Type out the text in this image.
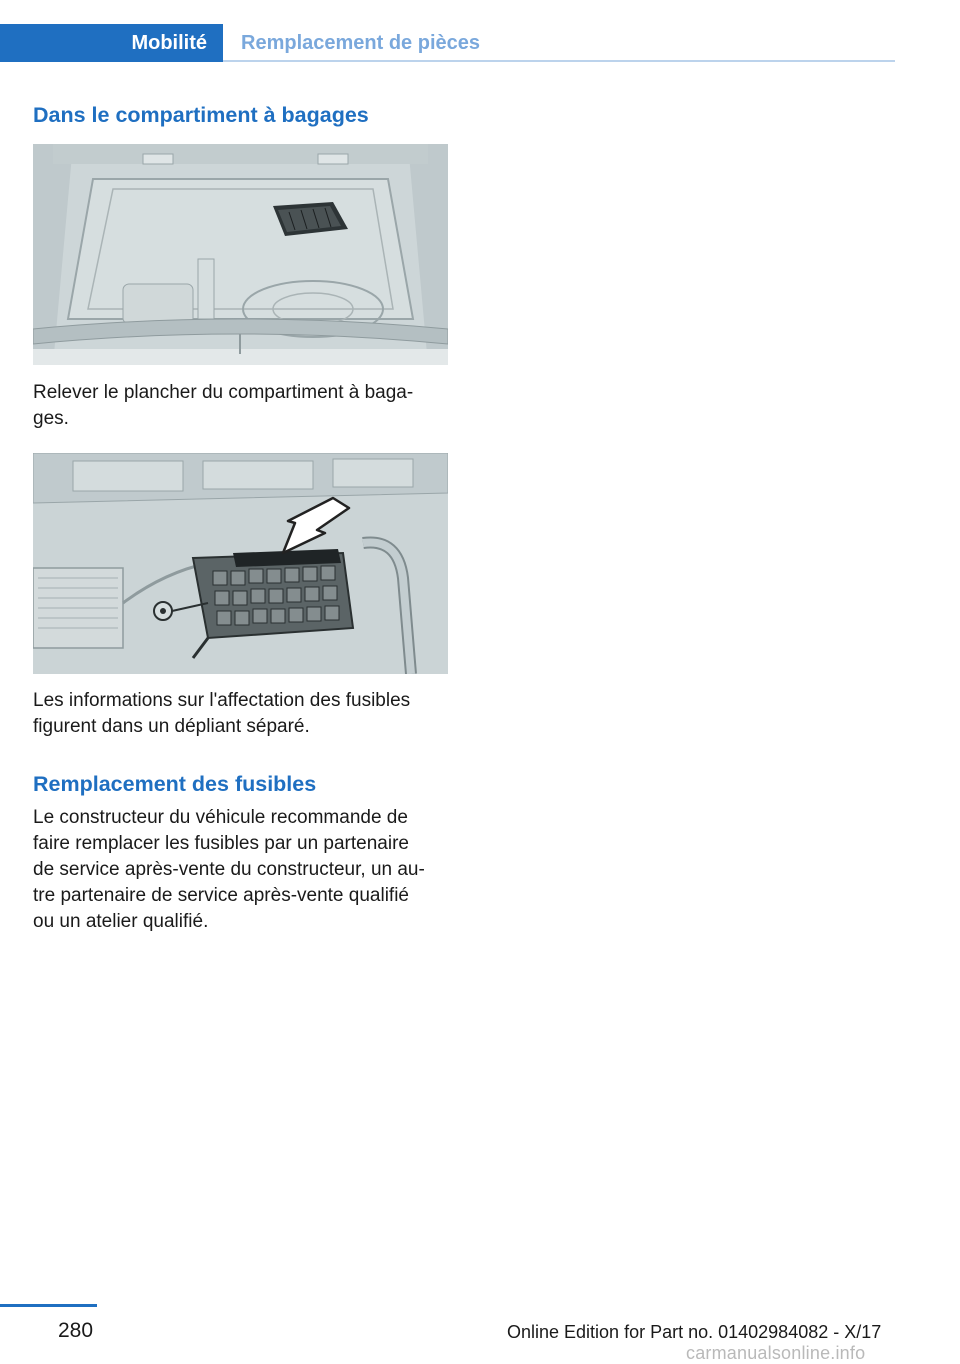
Mobilité Remplacement de pièces
Dans le compartiment à bagages

Relever le plancher du compartiment à baga-
ges.

Les informations sur l'affectation des fusibles
figurent dans un dépliant séparé.

Remplacement des fusibles

Le constructeur du véhicule recommande de
faire remplacer les fusibles par un partenaire
de service après-vente du constructeur, un au-
tre partenaire de service après-vente qualifié
ou un atelier qualifié.

280	Online Edition for Part no. 01402984082 - X/17
carmanualsonline.info
